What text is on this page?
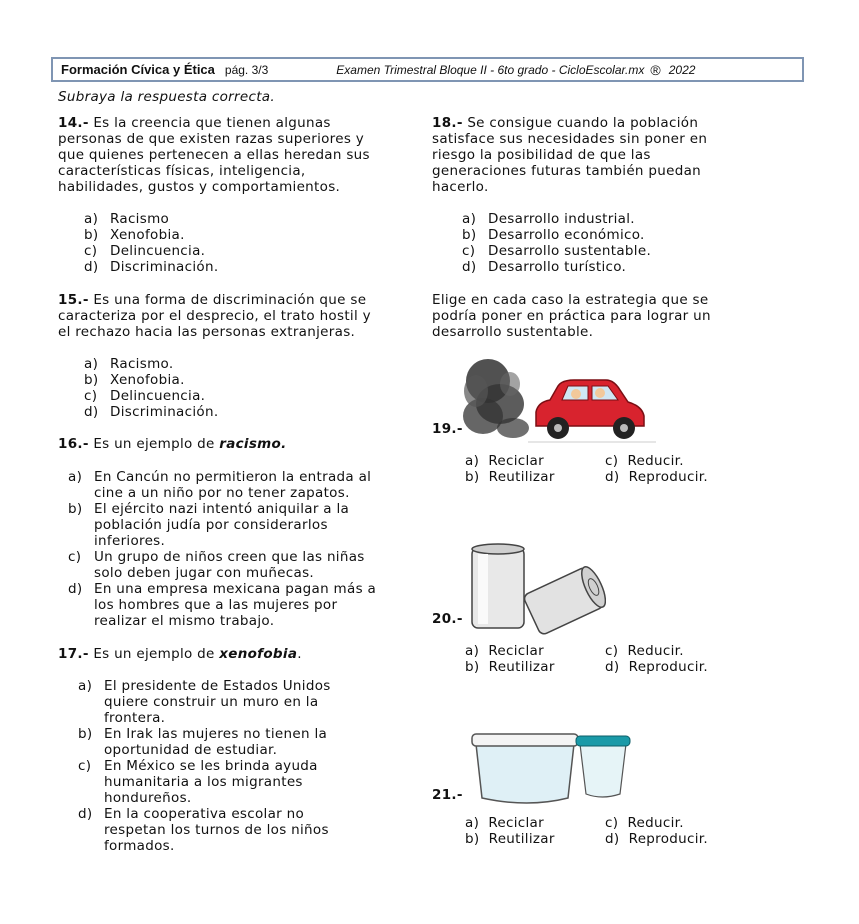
Formación Cívica y Ética pág. 3/3	Examen Trimestral Bloque II - 6to grado - CicloEscolar.mx ® 2022
Subraya la respuesta correcta.

14.- Es la creencia que tienen algunas personas de que existen razas superiores y que quienes pertenecen a ellas heredan sus características físicas, inteligencia, habilidades, gustos y comportamientos.

a) Racismo
b) Xenofobia.
c) Delincuencia.
d) Discriminación.

15.- Es una forma de discriminación que se caracteriza por el desprecio, el trato hostil y el rechazo hacia las personas extranjeras.

a) Racismo.
b) Xenofobia.
c) Delincuencia.
d) Discriminación.

16.- Es un ejemplo de racismo.

a) En Cancún no permitieron la entrada al cine a un niño por no tener zapatos.
b) El ejército nazi intentó aniquilar a la población judía por considerarlos inferiores.
c) Un grupo de niños creen que las niñas solo deben jugar con muñecas.
d) En una empresa mexicana pagan más a los hombres que a las mujeres por realizar el mismo trabajo.

17.- Es un ejemplo de xenofobia.

a) El presidente de Estados Unidos quiere construir un muro en la frontera.
b) En Irak las mujeres no tienen la oportunidad de estudiar.
c) En México se les brinda ayuda humanitaria a los migrantes hondureños.
d) En la cooperativa escolar no respetan los turnos de los niños formados.

18.- Se consigue cuando la población satisface sus necesidades sin poner en riesgo la posibilidad de que las generaciones futuras también puedan hacerlo.

a) Desarrollo industrial.
b) Desarrollo económico.
c) Desarrollo sustentable.
d) Desarrollo turístico.
Elige en cada caso la estrategia que se podría poner en práctica para lograr un desarrollo sustentable.
19.-
a) Reciclar	c) Reducir.
b) Reutilizar	d) Reproducir.
20.-
a) Reciclar	c) Reducir.
b) Reutilizar	d) Reproducir.
21.-
a) Reciclar	c) Reducir.
b) Reutilizar	d) Reproducir.
